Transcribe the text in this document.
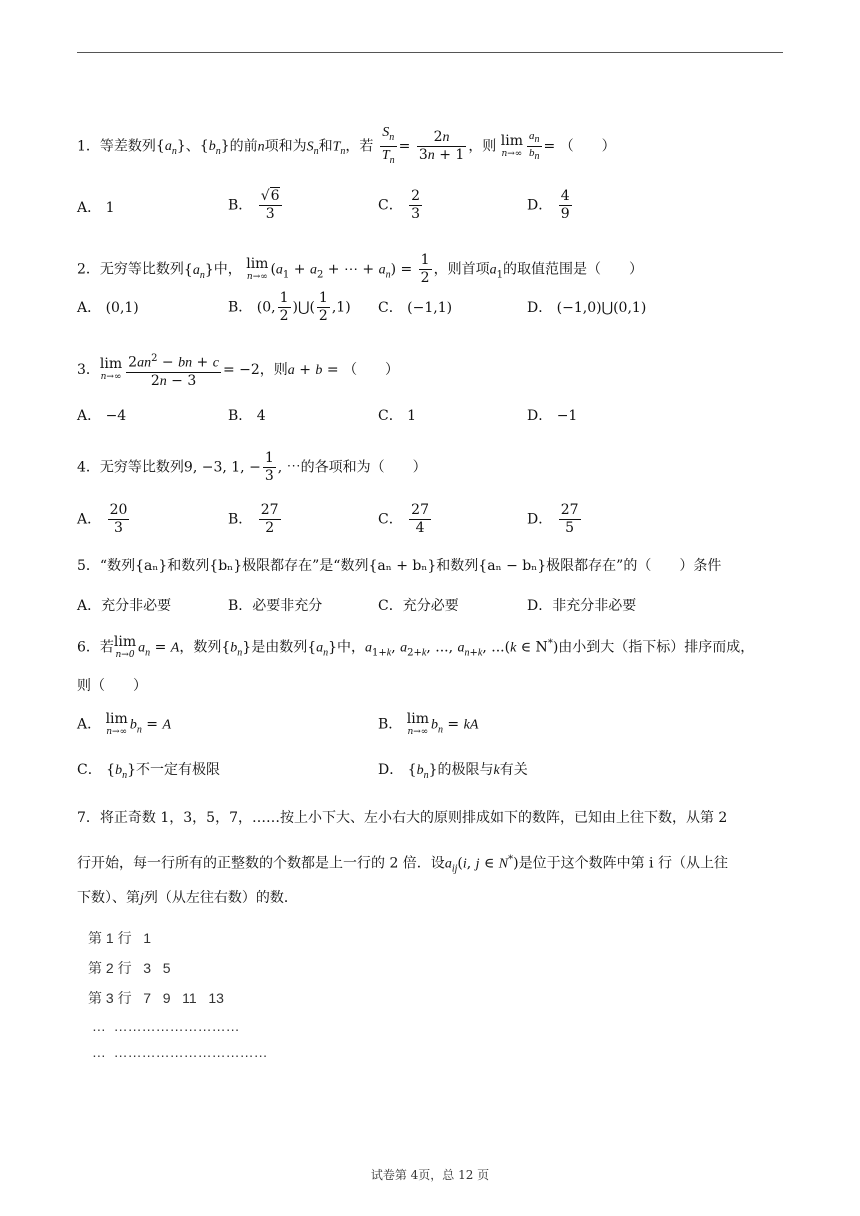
1．等差数列$\{a_n\}$、$\{b_n\}$的前n项和为$S_n$和$T_n$，若 $\frac{S_n}{T_n} = \frac{2n}{3n + 1}$ ，则 lim
$n\to\infty \frac{a_n}{b_n}$ = （　　）
A． 1	B． $\frac{√6}{3}$	C． $\frac{2}{3}$	D． $\frac{4}{9}$
2．无穷等比数列$\{a_n\}$中， lim
n→∞ ($a_1 + a_2$ + ⋯ + $a_n) = \frac{1}{2}$ ，则首项$a_1$的取值范围是（　　）
A． (0,1)	B． (0, $\frac{1}{2}$ )⋃( $\frac{1}{2} ,1$) C． (−1,1)	D． (−1,0)⋃(0,1)
3． lim
$n\to\infty \frac{2an^2 - bn + c}{2n - 3} = -2$，则a + b = （　　）
A． −4	B． 4	C． 1	D． −1
4．无穷等比数列9, −3, 1, − $\frac{1}{3}$ , ⋯的各项和为（　　）
A． $\frac{20}{3}$	B． $\frac{27}{2}$	C． $\frac{27}{4}$	D． $\frac{27}{5}$
5．“数列{aₙ}和数列{bₙ}极限都存在”是“数列{aₙ + bₙ}和数列{aₙ − bₙ}极限都存在”的（　　）条件
A．充分非必要	B．必要非充分	C．充分必要	D．非充分非必要
6．若 lim
n→0 $a_n = A$，数列$\{b_n\}$是由数列$\{a_n\}$中，$a_{1+k}$, $a_{2+k}$, ..., $a_{n+k}$, ...(k ∈ N*)由小到大（指下标）排序而成，
则（　　）
A． lim
n→∞ $b_n = A$	B． lim
n→∞ $b_n$ = kA
C． $\{b_n\}$不一定有极限	D． $\{b_n\}$的极限与k有关
7．将正奇数 1，3，5，7，……按上小下大、左小右大的原则排成如下的数阵，已知由上往下数，从第 2
行开始，每一行所有的正整数的个数都是上一行的 2 倍．设$a_{ij}(i$, j ∈ N*)是位于这个数阵中第 i 行（从上往
下数）、第j列（从左往右数）的数．
第 1 行   1
第 2 行   3   5
第 3 行   7   9   11   13
…  ………………………
…  ……………………………
试卷第 4页，总 12 页
